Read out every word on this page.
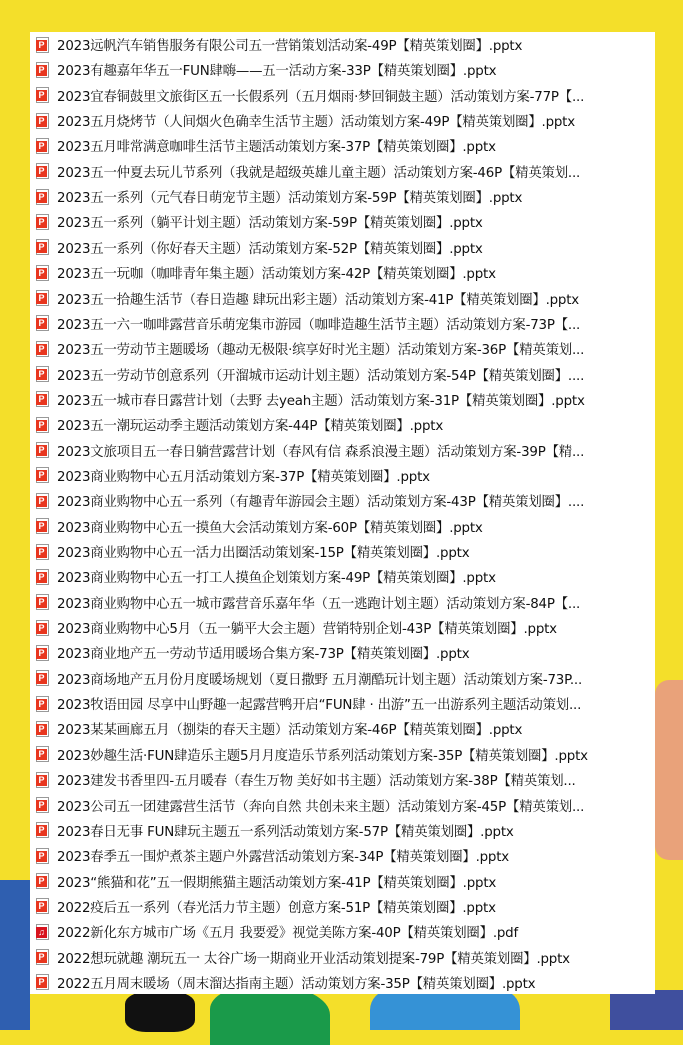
P 2023远帆汽车销售服务有限公司五一营销策划活动案-49P【精英策划圈】.pptx
P 2023有趣嘉年华五一FUN肆嗨——五一活动方案-33P【精英策划圈】.pptx
P 2023宜春铜鼓里文旅街区五一长假系列（五月烟雨·梦回铜鼓主题）活动策划方案-77P【...
P 2023五月烧烤节（人间烟火色确幸生活节主题）活动策划方案-49P【精英策划圈】.pptx
P 2023五月啡常满意咖啡生活节主题活动策划方案-37P【精英策划圈】.pptx
P 2023五一仲夏去玩儿节系列（我就是超级英雄儿童主题）活动策划方案-46P【精英策划...
P 2023五一系列（元气春日萌宠节主题）活动策划方案-59P【精英策划圈】.pptx
P 2023五一系列（躺平计划主题）活动策划方案-59P【精英策划圈】.pptx
P 2023五一系列（你好春天主题）活动策划方案-52P【精英策划圈】.pptx
P 2023五一玩咖（咖啡青年集主题）活动策划方案-42P【精英策划圈】.pptx
P 2023五一拾趣生活节（春日造趣 肆玩出彩主题）活动策划方案-41P【精英策划圈】.pptx
P 2023五一六一咖啡露营音乐萌宠集市游园（咖啡造趣生活节主题）活动策划方案-73P【...
P 2023五一劳动节主题暖场（趣动无极限·缤享好时光主题）活动策划方案-36P【精英策划...
P 2023五一劳动节创意系列（开溜城市运动计划主题）活动策划方案-54P【精英策划圈】....
P 2023五一城市春日露营计划（去野 去yeah主题）活动策划方案-31P【精英策划圈】.pptx
P 2023五一潮玩运动季主题活动策划方案-44P【精英策划圈】.pptx
P 2023文旅项目五一春日躺营露营计划（春风有信 森系浪漫主题）活动策划方案-39P【精...
P 2023商业购物中心五月活动策划方案-37P【精英策划圈】.pptx
P 2023商业购物中心五一系列（有趣青年游园会主题）活动策划方案-43P【精英策划圈】....
P 2023商业购物中心五一摸鱼大会活动策划方案-60P【精英策划圈】.pptx
P 2023商业购物中心五一活力出圈活动策划案-15P【精英策划圈】.pptx
P 2023商业购物中心五一打工人摸鱼企划策划方案-49P【精英策划圈】.pptx
P 2023商业购物中心五一城市露营音乐嘉年华（五一逃跑计划主题）活动策划方案-84P【...
P 2023商业购物中心5月（五一躺平大会主题）营销特别企划-43P【精英策划圈】.pptx
P 2023商业地产五一劳动节适用暖场合集方案-73P【精英策划圈】.pptx
P 2023商场地产五月份月度暖场规划（夏日撒野 五月潮酷玩计划主题）活动策划方案-73P...
P 2023牧语田园 尽享中山野趣一起露营鸭开启“FUN肆 · 出游”五一出游系列主题活动策划...
P 2023某某画廊五月（捌柒的春天主题）活动策划方案-46P【精英策划圈】.pptx
P 2023妙趣生活·FUN肆造乐主题5月月度造乐节系列活动策划方案-35P【精英策划圈】.pptx
P 2023建发书香里四-五月暖春（春生万物 美好如书主题）活动策划方案-38P【精英策划...
P 2023公司五一团建露营生活节（奔向自然 共创未来主题）活动策划方案-45P【精英策划...
P 2023春日无事 FUN肆玩主题五一系列活动策划方案-57P【精英策划圈】.pptx
P 2023春季五一围炉煮茶主题户外露营活动策划方案-34P【精英策划圈】.pptx
P 2023“熊猫和花”五一假期熊猫主题活动策划方案-41P【精英策划圈】.pptx
P 2022疫后五一系列（春光活力节主题）创意方案-51P【精英策划圈】.pptx
♫ 2022新化东方城市广场《五月 我要爱》视觉美陈方案-40P【精英策划圈】.pdf
P 2022想玩就趣 潮玩五一 太谷广场一期商业开业活动策划提案-79P【精英策划圈】.pptx
P 2022五月周末暖场（周末溜达指南主题）活动策划方案-35P【精英策划圈】.pptx
